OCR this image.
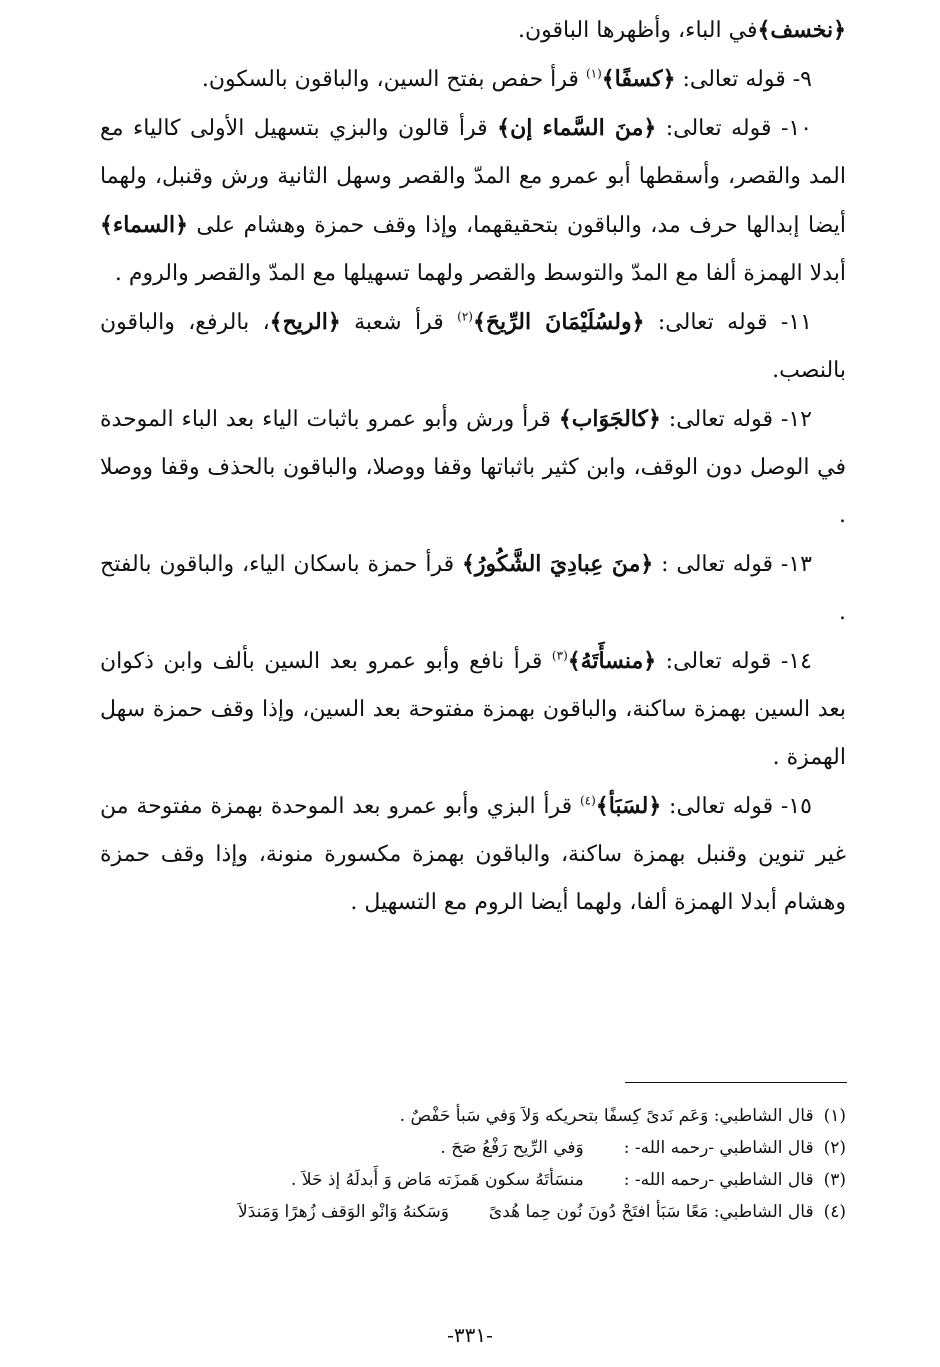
﴿نخسف﴾في الباء، وأظهرها الباقون.

٩- قوله تعالى: ﴿كسفًا﴾$^{(١)}$ قرأ حفص بفتح السين، والباقون بالسكون.

١٠- قوله تعالى: ﴿منَ السَّماء إن﴾ قرأ قالون والبزي بتسهيل الأولى كالياء مع المد والقصر، وأسقطها أبو عمرو مع المدّ والقصر وسهل الثانية ورش وقنبل، ولهما أيضا إبدالها حرف مد، والباقون بتحقيقهما، وإذا وقف حمزة وهشام على ﴿السماء﴾ أبدلا الهمزة ألفا مع المدّ والتوسط والقصر ولهما تسهيلها مع المدّ والقصر والروم .

١١- قوله تعالى: ﴿ولسُلَيْمَانَ الرِّيحَ﴾$^{(٢)}$ قرأ شعبة ﴿الريح﴾، بالرفع، والباقون بالنصب.

١٢- قوله تعالى: ﴿كالجَوَاب﴾ قرأ ورش وأبو عمرو باثبات الياء بعد الباء الموحدة في الوصل دون الوقف، وابن كثير باثباتها وقفا ووصلا، والباقون بالحذف وقفا ووصلا .

١٣- قوله تعالى : ﴿منَ عِبادِيَ الشَّكُورُ﴾ قرأ حمزة باسكان الياء، والباقون بالفتح .

١٤- قوله تعالى: ﴿منسأَتَهُ﴾$^{(٣)}$ قرأ نافع وأبو عمرو بعد السين بألف وابن ذكوان بعد السين بهمزة ساكنة، والباقون بهمزة مفتوحة بعد السين، وإذا وقف حمزة سهل الهمزة .

١٥- قوله تعالى: ﴿لسَبَأ﴾$^{(٤)}$ قرأ البزي وأبو عمرو بعد الموحدة بهمزة مفتوحة من غير تنوين وقنبل بهمزة ساكنة، والباقون بهمزة مكسورة منونة، وإذا وقف حمزة وهشام أبدلا الهمزة ألفا، ولهما أيضا الروم مع التسهيل .

(١)قال الشاطبي: وَعَم نَدىً كِسفًا بتحريكه وَلاَ وَفي سَبأ حَفْصٌ .

(٢)قال الشاطبي -رحمه الله- :وَفي الرِّيح رَفْعُ صَحَ .

(٣)قال الشاطبي -رحمه الله- :منسَأتَهُ سكون هَمزَته مَاض وَ أَبدلَهُ إذ حَلاَ .

(٤)قال الشاطبي: مَعًا سَبَأ افتَحْ دُونَ نُون حِما هُدىًوَسَكنهُ وَانْو الوَقف زُهرًا وَمَندَلاَ

-٣٣١-
